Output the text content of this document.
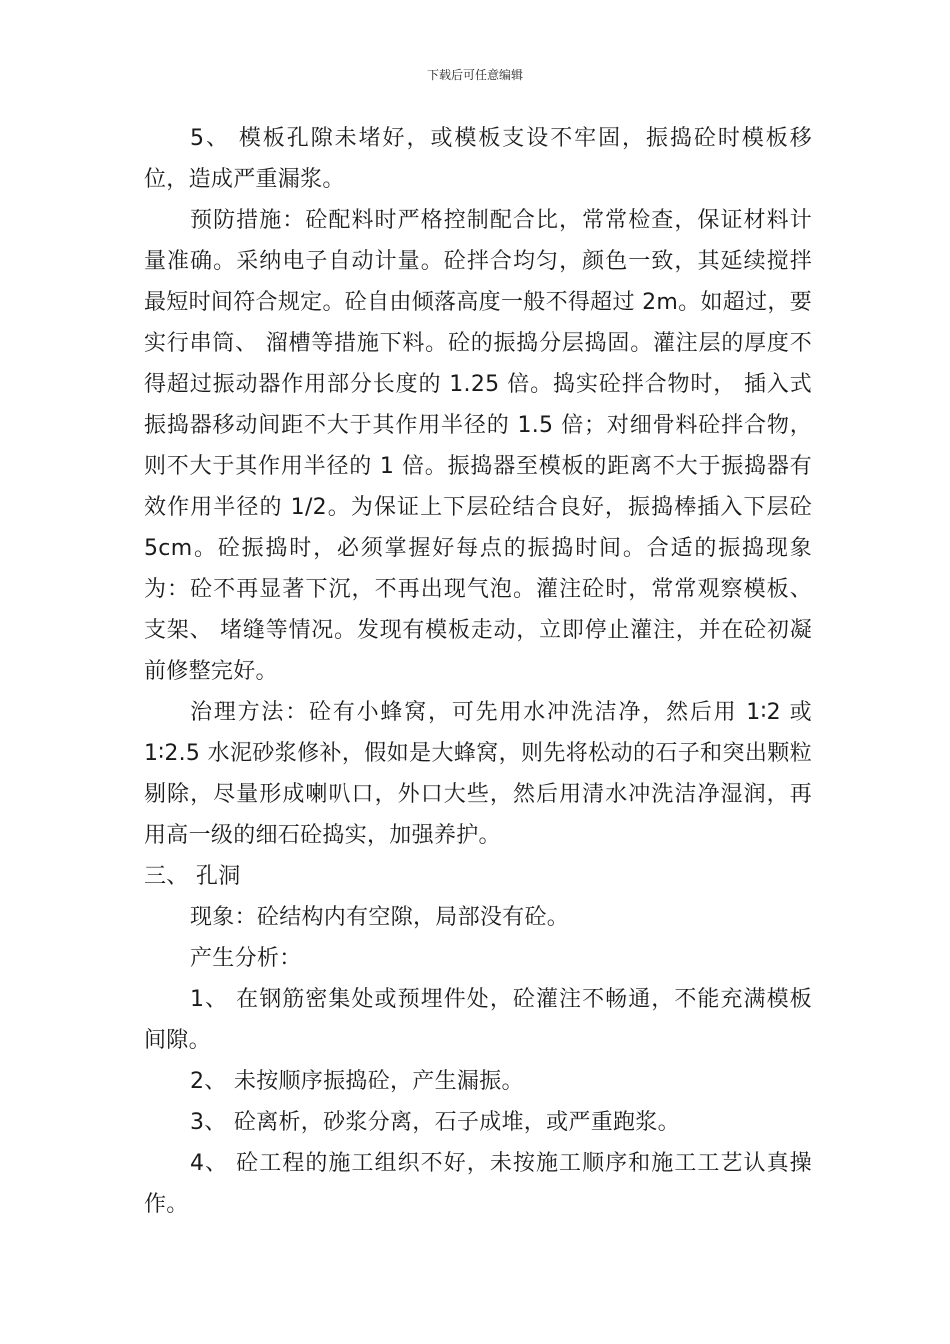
下载后可任意编辑

5、 模板孔隙未堵好，或模板支设不牢固，振捣砼时模板移位，造成严重漏浆。

预防措施：砼配料时严格控制配合比，常常检查，保证材料计量准确。采纳电子自动计量。砼拌合均匀，颜色一致，其延续搅拌最短时间符合规定。砼自由倾落高度一般不得超过 2m。如超过，要实行串筒、 溜槽等措施下料。砼的振捣分层捣固。灌注层的厚度不得超过振动器作用部分长度的 1.25 倍。捣实砼拌合物时， 插入式振捣器移动间距不大于其作用半径的 1.5 倍；对细骨料砼拌合物，则不大于其作用半径的 1 倍。振捣器至模板的距离不大于振捣器有效作用半径的 1/2。为保证上下层砼结合良好，振捣棒插入下层砼 5cm。砼振捣时，必须掌握好每点的振捣时间。合适的振捣现象为：砼不再显著下沉，不再出现气泡。灌注砼时，常常观察模板、 支架、 堵缝等情况。发现有模板走动，立即停止灌注，并在砼初凝前修整完好。

治理方法：砼有小蜂窝，可先用水冲洗洁净，然后用 1∶2 或 1∶2.5 水泥砂浆修补，假如是大蜂窝，则先将松动的石子和突出颗粒剔除，尽量形成喇叭口，外口大些，然后用清水冲洗洁净湿润，再用高一级的细石砼捣实，加强养护。

三、 孔洞

现象：砼结构内有空隙，局部没有砼。

产生分析：

1、 在钢筋密集处或预埋件处，砼灌注不畅通，不能充满模板间隙。

2、 未按顺序振捣砼，产生漏振。

3、 砼离析，砂浆分离，石子成堆，或严重跑浆。

4、 砼工程的施工组织不好，未按施工顺序和施工工艺认真操作。
